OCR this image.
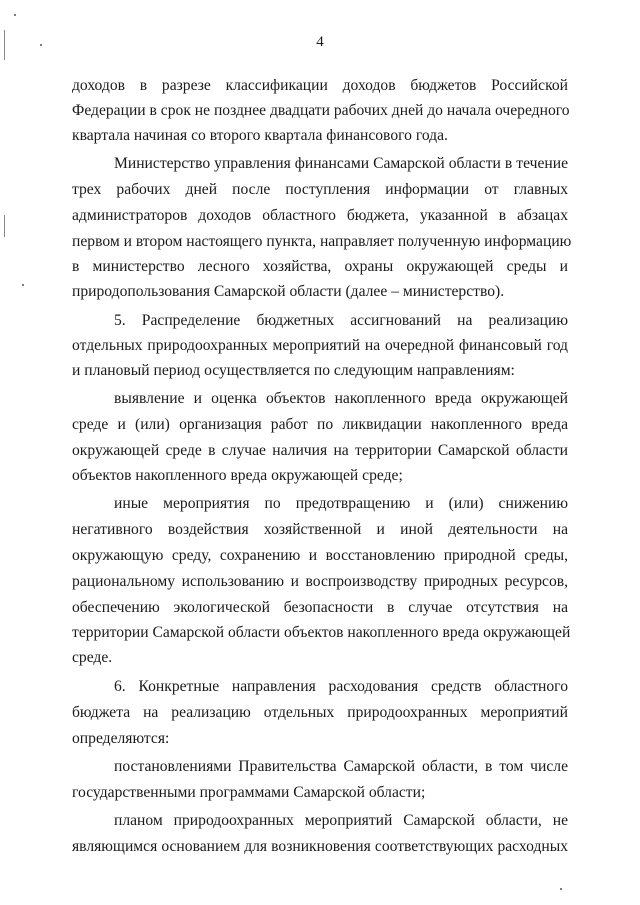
4
доходов в разрезе классификации доходов бюджетов Российской
Федерации в срок не позднее двадцати рабочих дней до начала очередного
квартала начиная со второго квартала финансового года.
Министерство управления финансами Самарской области в течение
трех рабочих дней после поступления информации от главных
администраторов доходов областного бюджета, указанной в абзацах
первом и втором настоящего пункта, направляет полученную информацию
в министерство лесного хозяйства, охраны окружающей среды и
природопользования Самарской области (далее – министерство).
5. Распределение бюджетных ассигнований на реализацию
отдельных природоохранных мероприятий на очередной финансовый год
и плановый период осуществляется по следующим направлениям:
выявление и оценка объектов накопленного вреда окружающей
среде и (или) организация работ по ликвидации накопленного вреда
окружающей среде в случае наличия на территории Самарской области
объектов накопленного вреда окружающей среде;
иные мероприятия по предотвращению и (или) снижению
негативного воздействия хозяйственной и иной деятельности на
окружающую среду, сохранению и восстановлению природной среды,
рациональному использованию и воспроизводству природных ресурсов,
обеспечению экологической безопасности в случае отсутствия на
территории Самарской области объектов накопленного вреда окружающей
среде.
6. Конкретные направления расходования средств областного
бюджета на реализацию отдельных природоохранных мероприятий
определяются:
постановлениями Правительства Самарской области, в том числе
государственными программами Самарской области;
планом природоохранных мероприятий Самарской области, не
являющимся основанием для возникновения соответствующих расходных
